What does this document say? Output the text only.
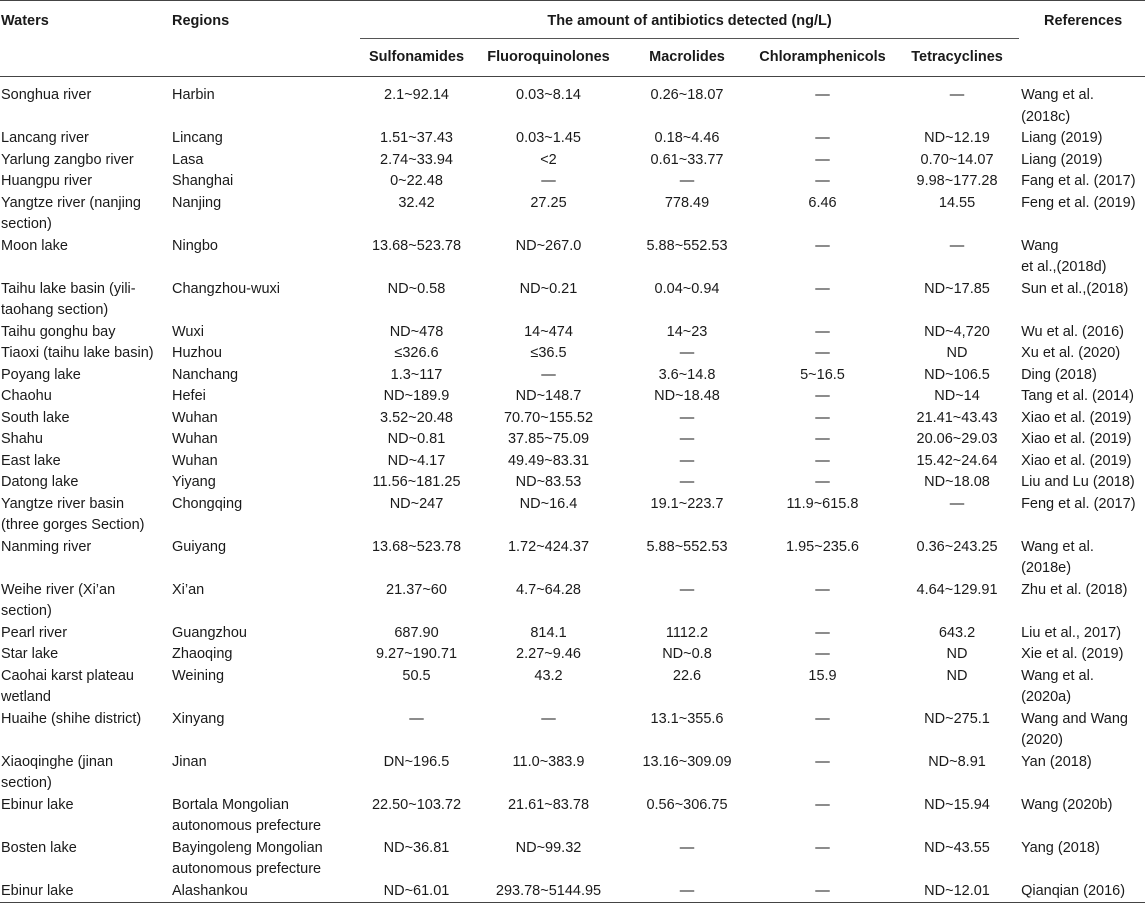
Waters	Regions	The amount of antibiotics detected (ng/L)					References
		Sulfonamides	Fluoroquinolones	Macrolides	Chloramphenicols	Tetracyclines	

Songhua river	Harbin	2.1~92.14	0.03~8.14	0.26~18.07	—	—	Wang et al.
(2018c)
Lancang river	Lincang	1.51~37.43	0.03~1.45	0.18~4.46	—	ND~12.19	Liang (2019)
Yarlung zangbo river	Lasa	2.74~33.94	<2	0.61~33.77	—	0.70~14.07	Liang (2019)
Huangpu river	Shanghai	0~22.48	—	—	—	9.98~177.28	Fang et al. (2017)
Yangtze river (nanjing
section)	Nanjing	32.42	27.25	778.49	6.46	14.55	Feng et al. (2019)
Moon lake	Ningbo	13.68~523.78	ND~267.0	5.88~552.53	—	—	Wang
et al.,(2018d)
Taihu lake basin (yili-
taohang section)	Changzhou-wuxi	ND~0.58	ND~0.21	0.04~0.94	—	ND~17.85	Sun et al.,(2018)
Taihu gonghu bay	Wuxi	ND~478	14~474	14~23	—	ND~4,720	Wu et al. (2016)
Tiaoxi (taihu lake basin)	Huzhou	≤326.6	≤36.5	—	—	ND	Xu et al. (2020)
Poyang lake	Nanchang	1.3~117	—	3.6~14.8	5~16.5	ND~106.5	Ding (2018)
Chaohu	Hefei	ND~189.9	ND~148.7	ND~18.48	—	ND~14	Tang et al. (2014)
South lake	Wuhan	3.52~20.48	70.70~155.52	—	—	21.41~43.43	Xiao et al. (2019)
Shahu	Wuhan	ND~0.81	37.85~75.09	—	—	20.06~29.03	Xiao et al. (2019)
East lake	Wuhan	ND~4.17	49.49~83.31	—	—	15.42~24.64	Xiao et al. (2019)
Datong lake	Yiyang	11.56~181.25	ND~83.53	—	—	ND~18.08	Liu and Lu (2018)
Yangtze river basin
(three gorges Section)	Chongqing	ND~247	ND~16.4	19.1~223.7	11.9~615.8	—	Feng et al. (2017)
Nanming river	Guiyang	13.68~523.78	1.72~424.37	5.88~552.53	1.95~235.6	0.36~243.25	Wang et al.
(2018e)
Weihe river (Xi’an
section)	Xi’an	21.37~60	4.7~64.28	—	—	4.64~129.91	Zhu et al. (2018)
Pearl river	Guangzhou	687.90	814.1	1112.2	—	643.2	Liu et al., 2017)
Star lake	Zhaoqing	9.27~190.71	2.27~9.46	ND~0.8	—	ND	Xie et al. (2019)
Caohai karst plateau
wetland	Weining	50.5	43.2	22.6	15.9	ND	Wang et al.
(2020a)
Huaihe (shihe district)	Xinyang	—	—	13.1~355.6	—	ND~275.1	Wang and Wang
(2020)
Xiaoqinghe (jinan
section)	Jinan	DN~196.5	11.0~383.9	13.16~309.09	—	ND~8.91	Yan (2018)
Ebinur lake	Bortala Mongolian
autonomous prefecture	22.50~103.72	21.61~83.78	0.56~306.75	—	ND~15.94	Wang (2020b)
Bosten lake	Bayingoleng Mongolian
autonomous prefecture	ND~36.81	ND~99.32	—	—	ND~43.55	Yang (2018)
Ebinur lake	Alashankou	ND~61.01	293.78~5144.95	—	—	ND~12.01	Qianqian (2016)
